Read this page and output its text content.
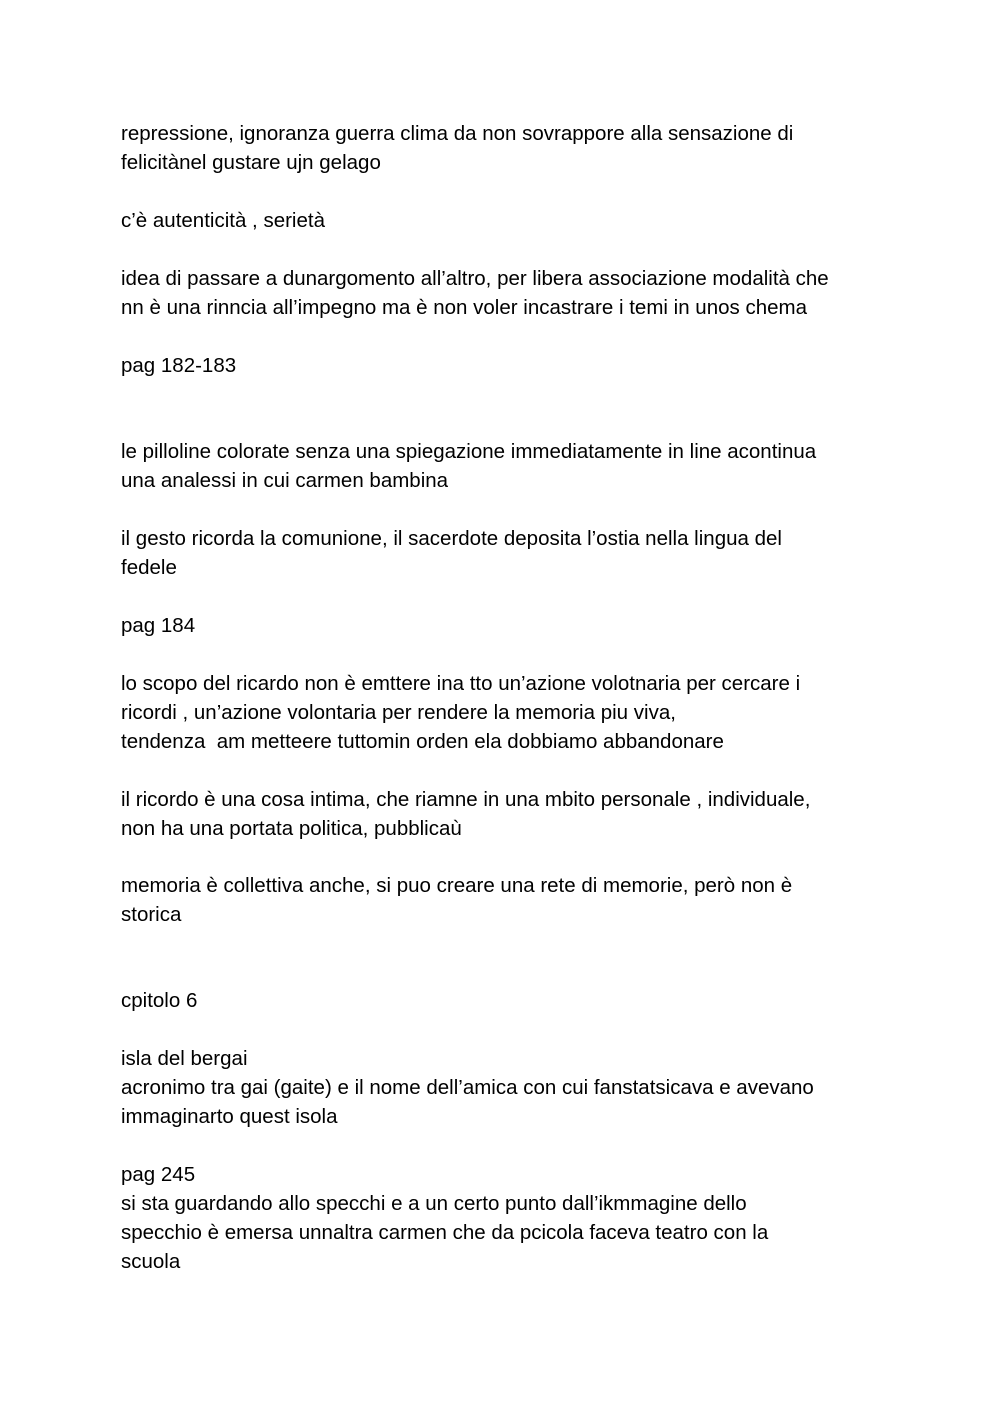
repressione, ignoranza guerra clima da non sovrappore alla sensazione di
felicitànel gustare ujn gelago
c’è autenticità , serietà
idea di passare a dunargomento all’altro, per libera associazione modalità che
nn è una rinncia all’impegno ma è non voler incastrare i temi in unos chema
pag 182-183
le pilloline colorate senza una spiegazione immediatamente in line acontinua
una analessi in cui carmen bambina
il gesto ricorda la comunione, il sacerdote deposita l’ostia nella lingua del
fedele
pag 184
lo scopo del ricardo non è emttere ina tto un’azione volotnaria per cercare i
ricordi , un’azione volontaria per rendere la memoria piu viva,
tendenza  am metteere tuttomin orden ela dobbiamo abbandonare
il ricordo è una cosa intima, che riamne in una mbito personale , individuale,
non ha una portata politica, pubblicaù
memoria è collettiva anche, si puo creare una rete di memorie, però non è
storica
cpitolo 6
isla del bergai
acronimo tra gai (gaite) e il nome dell’amica con cui fanstatsicava e avevano
immaginarto quest isola
pag 245
si sta guardando allo specchi e a un certo punto dall’ikmmagine dello
specchio è emersa unnaltra carmen che da pcicola faceva teatro con la
scuola
